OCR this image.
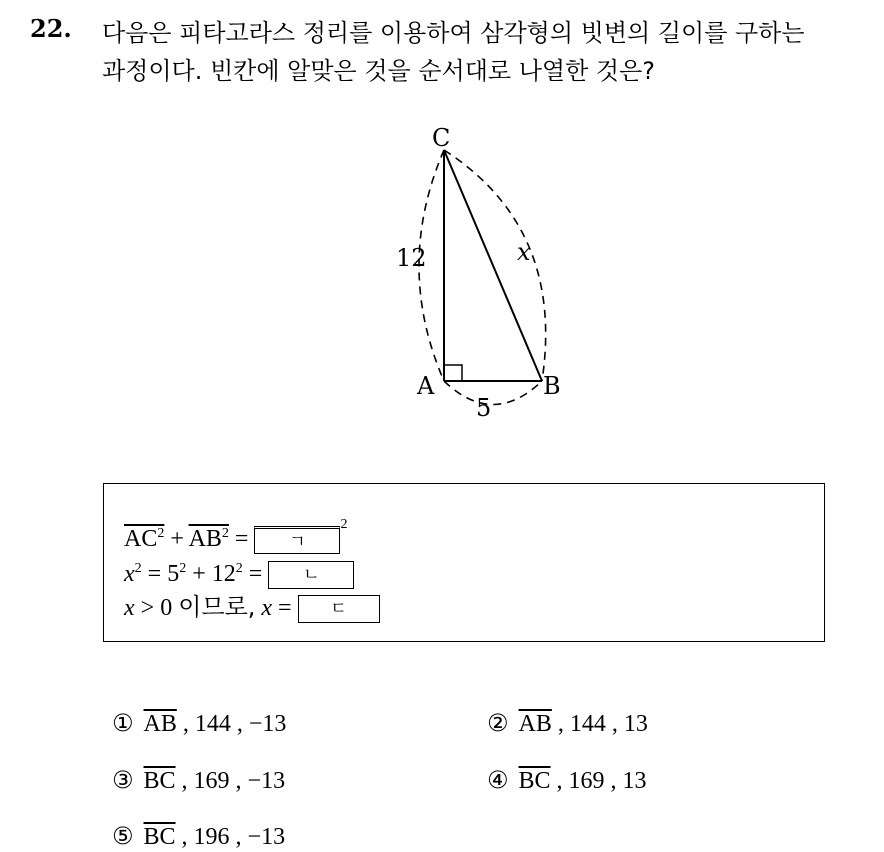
22. 다음은 피타고라스 정리를 이용하여 삼각형의 빗변의 길이를 구하는
과정이다. 빈칸에 알맞은 것을 순서대로 나열한 것은?
C
A	B
12
5
x
$AC^2 + AB^2$ = ㄱ$^2$
$x^2 = 5^2 + 12^2$ = ㄴ
x > 0 이므로, x = ㄷ
① $\overline{AB}$ , 144 , −13	② $\overline{AB}$ , 144 , 13
③ $\overline{BC}$ , 169 , −13	④ $\overline{BC}$ , 169 , 13
⑤ $\overline{BC}$ , 196 , −13
